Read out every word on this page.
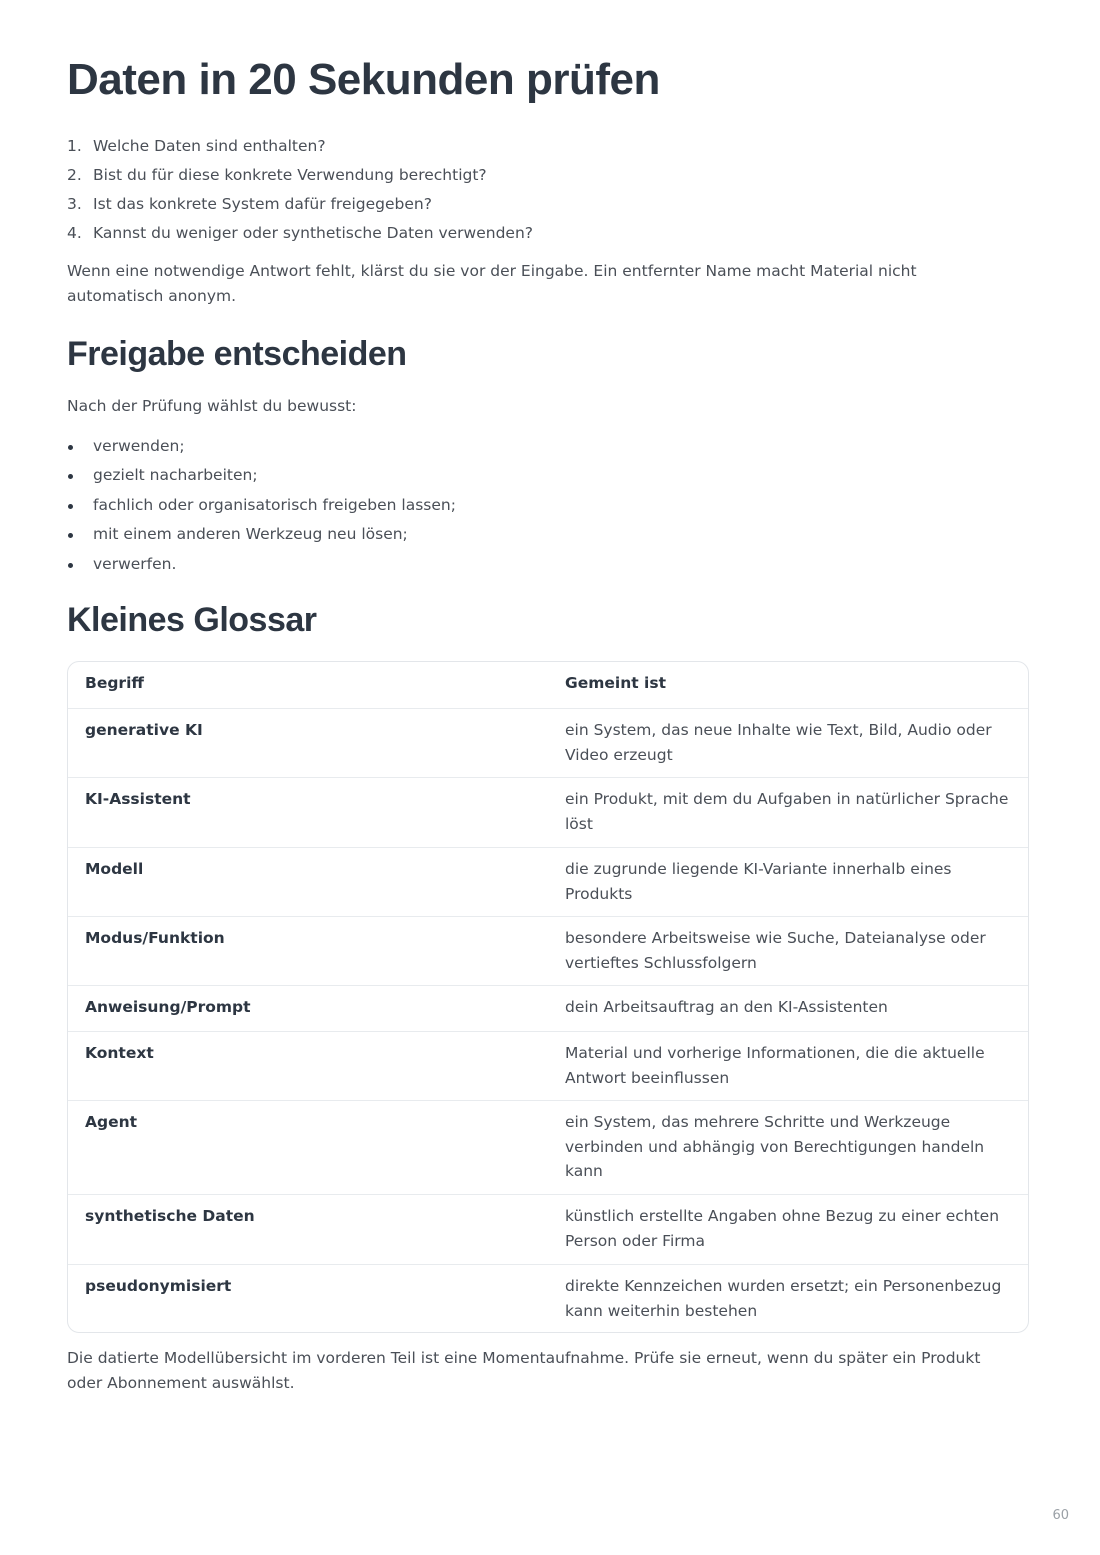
Daten in 20 Sekunden prüfen
1. Welche Daten sind enthalten?
2. Bist du für diese konkrete Verwendung berechtigt?
3. Ist das konkrete System dafür freigegeben?
4. Kannst du weniger oder synthetische Daten verwenden?

Wenn eine notwendige Antwort fehlt, klärst du sie vor der Eingabe. Ein entfernter Name macht Material nicht automatisch anonym.

Freigabe entscheiden

Nach der Prüfung wählst du bewusst:

verwenden;
gezielt nacharbeiten;
fachlich oder organisatorisch freigeben lassen;
mit einem anderen Werkzeug neu lösen;
verwerfen.
Kleines Glossar
Begriff	Gemeint ist
generative KI	ein System, das neue Inhalte wie Text, Bild, Audio oder Video erzeugt
KI-Assistent	ein Produkt, mit dem du Aufgaben in natürlicher Sprache löst
Modell	die zugrunde liegende KI-Variante innerhalb eines Produkts
Modus/Funktion	besondere Arbeitsweise wie Suche, Dateianalyse oder vertieftes Schlussfolgern
Anweisung/Prompt	dein Arbeitsauftrag an den KI-Assistenten
Kontext	Material und vorherige Informationen, die die aktuelle Antwort beeinflussen
Agent	ein System, das mehrere Schritte und Werkzeuge verbinden und abhängig von Berechtigungen handeln kann
synthetische Daten	künstlich erstellte Angaben ohne Bezug zu einer echten Person oder Firma
pseudonymisiert	direkte Kennzeichen wurden ersetzt; ein Personenbezug kann weiterhin bestehen

Die datierte Modellübersicht im vorderen Teil ist eine Momentaufnahme. Prüfe sie erneut, wenn du später ein Produkt oder Abonnement auswählst.

60
